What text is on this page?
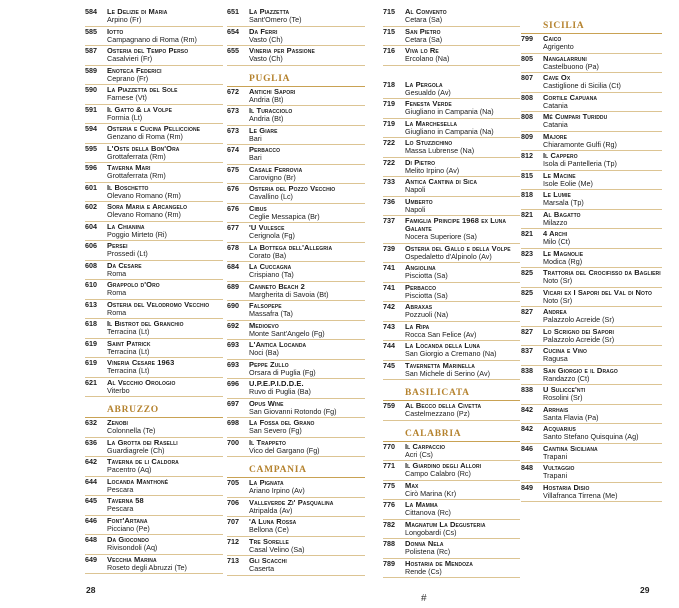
584 Le Delizie di Maria
Arpino (Fr)
585 Iotto
Campagnano di Roma (Rm)
587 Osteria del Tempo Perso
Casalvieri (Fr)
589 Enoteca Federici
Ceprano (Fr)
590 La Piazzetta del Sole
Farnese (Vt)
591 Il Gatto & la Volpe
Formia (Lt)
594 Osteria e Cucina Pelliccione
Genzano di Roma (Rm)
595 L'Oste della Bon'Ora
Grottaferrata (Rm)
596 Taverna Mari
Grottaferrata (Rm)
601 Il Boschetto
Olevano Romano (Rm)
602 Sora Maria e Arcangelo
Olevano Romano (Rm)
604 La Chianina
Poggio Mirteto (Ri)
606 Persei
Prossedi (Lt)
608 Da Cesare
Roma
610 Grappolo d'Oro
Roma
613 Osteria del Velodromo Vecchio
Roma
618 Il Bistrot del Granchio
Terracina (Lt)
619 Saint Patrick
Terracina (Lt)
619 Vineria Cesare 1963
Terracina (Lt)
621 Al Vecchio Orologio
Viterbo
ABRUZZO
632 Zenobi
Colonnella (Te)
636 La Grotta dei Raselli
Guardiagrele (Ch)
642 Taverna de li Caldora
Pacentro (Aq)
644 Locanda Manthoné
Pescara
645 Taverna 58
Pescara
646 Font'Artana
Picciano (Pe)
648 Da Giocondo
Rivisondoli (Aq)
649 Vecchia Marina
Roseto degli Abruzzi (Te)
651 La Piazzetta
Sant'Omero (Te)
654 Da Ferri
Vasto (Ch)
655 Vineria per Passione
Vasto (Ch)
PUGLIA
672 Antichi Sapori
Andria (Bt)
673 Il Turacciolo
Andria (Bt)
673 Le Giare
Bari
674 Perbacco
Bari
675 Casale Ferrovia
Carovigno (Br)
676 Osteria del Pozzo Vecchio
Cavallino (Lc)
676 Cibus
Ceglie Messapica (Br)
677 'U Vulesce
Cerignola (Fg)
678 La Bottega dell'Allegria
Corato (Ba)
684 La Cuccagna
Crispiano (Ta)
689 Canneto Beach 2
Margherita di Savoia (Bt)
690 Falsopepe
Massafra (Ta)
692 Medioevo
Monte Sant'Angelo (Fg)
693 L'Antica Locanda
Noci (Ba)
693 Peppe Zullo
Orsara di Puglia (Fg)
696 U.P.E.P.I.D.D.E.
Ruvo di Puglia (Ba)
697 Opus Wine
San Giovanni Rotondo (Fg)
698 La Fossa del Grano
San Severo (Fg)
700 Il Trappeto
Vico del Gargano (Fg)
CAMPANIA
705 La Pignata
Ariano Irpino (Av)
706 Valleverde Zi' Pasqualina
Atripalda (Av)
707 'A Luna Rossa
Bellona (Ce)
712 Tre Sorelle
Casal Velino (Sa)
713 Gli Scacchi
Caserta
715 Al Convento
Cetara (Sa)
715 San Pietro
Cetara (Sa)
716 Viva lo Re
Ercolano (Na)
718 La Pergola
Gesualdo (Av)
719 Fenesta Verde
Giugliano in Campania (Na)
719 La Marchesella
Giugliano in Campania (Na)
722 Lo Stuzzichino
Massa Lubrense (Na)
722 Di Pietro
Melito Irpino (Av)
733 Antica Cantina di Sica
Napoli
736 Umberto
Napoli
737 Famiglia Principe 1968 ex Luna Galante
Nocera Superiore (Sa)
739 Osteria del Gallo e della Volpe
Ospedaletto d'Alpinolo (Av)
741 Angiolina
Pisciotta (Sa)
741 Perbacco
Pisciotta (Sa)
742 Abraxas
Pozzuoli (Na)
743 La Ripa
Rocca San Felice (Av)
744 La Locanda della Luna
San Giorgio a Cremano (Na)
745 Tavernetta Marinella
San Michele di Serino (Av)
BASILICATA
759 Al Becco della Civetta
Castelmezzano (Pz)
CALABRIA
770 Il Carpaccio
Acri (Cs)
771 Il Giardino degli Allori
Campo Calabro (Rc)
775 Max
Cirò Marina (Kr)
776 La Mamma
Cittanova (Rc)
782 Magnatum La Degusteria
Longobardi (Cs)
788 Donna Nela
Polistena (Rc)
789 Hostaria de Mendoza
Rende (Cs)
SICILIA
799 Caico
Agrigento
805 Nangalarruni
Castelbuono (Pa)
807 Cave Ox
Castiglione di Sicilia (Ct)
808 Cortile Capuana
Catania
808 Mé Cumpari Turiddu
Catania
809 Majore
Chiaramonte Gulfi (Rg)
812 Il Cappero
Isola di Pantelleria (Tp)
815 Le Macine
Isole Eolie (Me)
818 Le Lumie
Marsala (Tp)
821 Al Bagatto
Milazzo
821 4 Archi
Milo (Ct)
823 Le Magnolie
Modica (Rg)
825 Trattoria del Crocifisso da Baglieri
Noto (Sr)
825 Vicari ex I Sapori del Val di Noto
Noto (Sr)
827 Andrea
Palazzolo Acreide (Sr)
827 Lo Scrigno dei Sapori
Palazzolo Acreide (Sr)
837 Cucina e Vino
Ragusa
838 San Giorgio e il Drago
Randazzo (Ct)
838 U Sulicce'nti
Rosolini (Sr)
842 Arrhais
Santa Flavia (Pa)
842 Acquarius
Santo Stefano Quisquina (Ag)
846 Cantina Siciliana
Trapani
848 Vultaggio
Trapani
849 Hostaria Disio
Villafranca Tirrena (Me)
28	29
#
